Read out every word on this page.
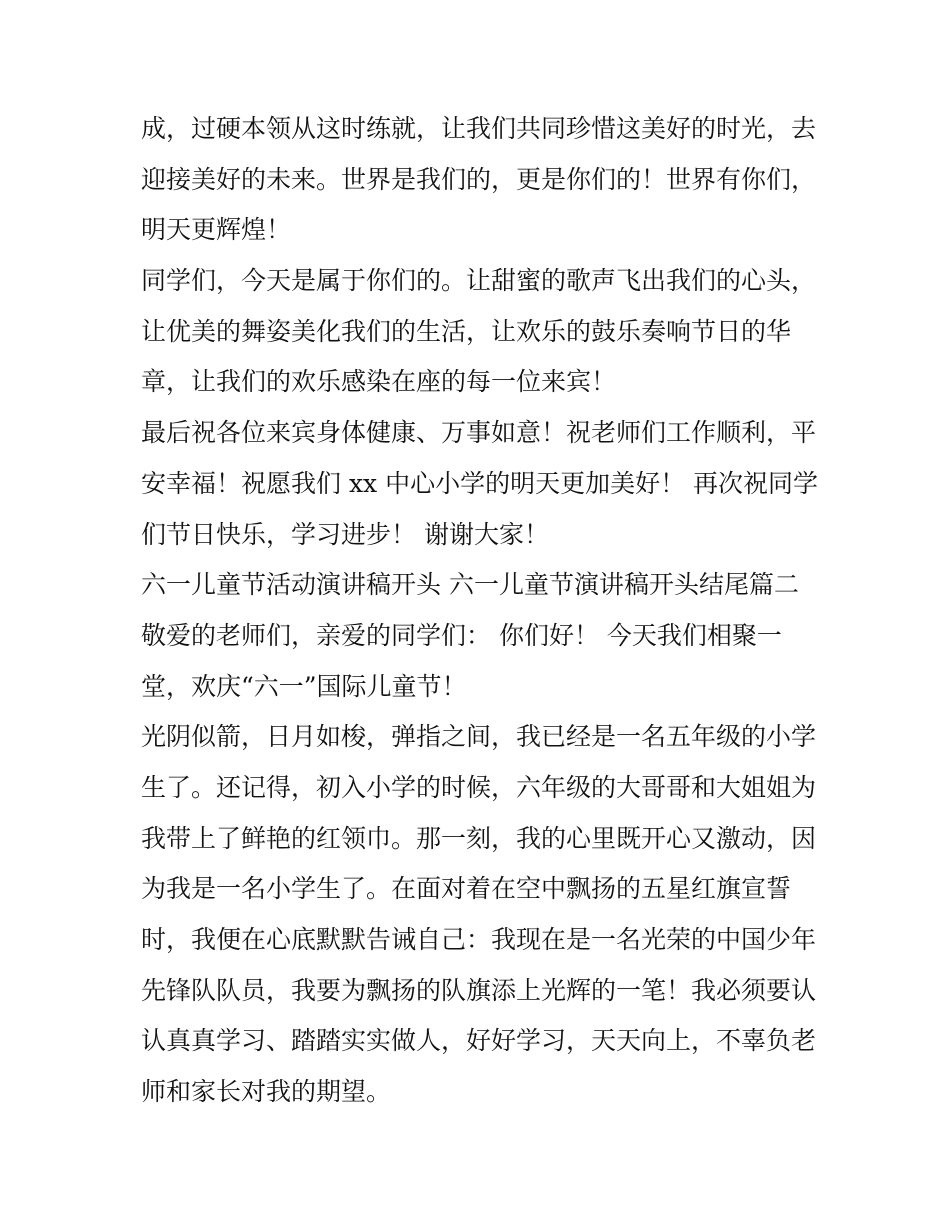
成，过硬本领从这时练就，让我们共同珍惜这美好的时光，去
迎接美好的未来。世界是我们的，更是你们的！世界有你们，
明天更辉煌！
同学们，今天是属于你们的。让甜蜜的歌声飞出我们的心头，
让优美的舞姿美化我们的生活，让欢乐的鼓乐奏响节日的华
章，让我们的欢乐感染在座的每一位来宾！
最后祝各位来宾身体健康、万事如意！祝老师们工作顺利，平
安幸福！祝愿我们 xx 中心小学的明天更加美好！ 再次祝同学
们节日快乐，学习进步！ 谢谢大家！
六一儿童节活动演讲稿开头 六一儿童节演讲稿开头结尾篇二
敬爱的老师们，亲爱的同学们： 你们好！ 今天我们相聚一
堂，欢庆“六一”国际儿童节！
光阴似箭，日月如梭，弹指之间，我已经是一名五年级的小学
生了。还记得，初入小学的时候，六年级的大哥哥和大姐姐为
我带上了鲜艳的红领巾。那一刻，我的心里既开心又激动，因
为我是一名小学生了。在面对着在空中飘扬的五星红旗宣誓
时，我便在心底默默告诫自己：我现在是一名光荣的中国少年
先锋队队员，我要为飘扬的队旗添上光辉的一笔！我必须要认
认真真学习、踏踏实实做人，好好学习，天天向上，不辜负老
师和家长对我的期望。
